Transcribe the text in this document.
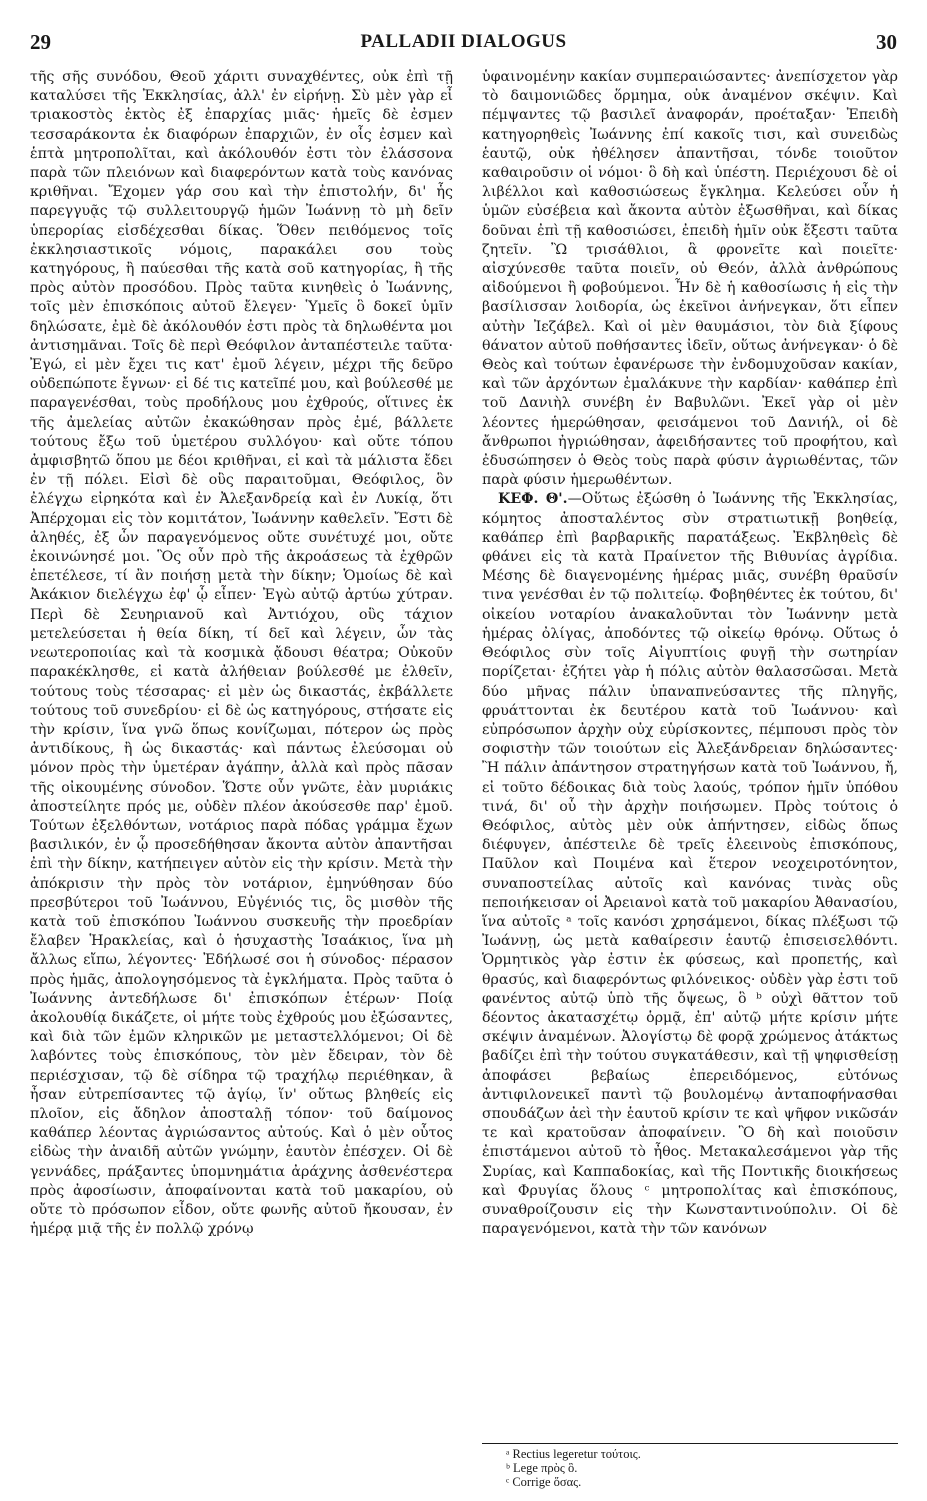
29	PALLADII DIALOGUS	30

τῆς σῆς συνόδου, Θεοῦ χάριτι συναχθέντες, οὐκ ἐπὶ τῇ καταλύσει τῆς Ἐκκλησίας, ἀλλ' ἐν εἰρήνῃ. Σὺ μὲν γὰρ εἶ τριακοστὸς ἐκτὸς ἐξ ἐπαρχίας μιᾶς· ἡμεῖς δὲ ἐσμεν τεσσαράκοντα ἐκ διαφόρων ἐπαρχιῶν, ἐν οἷς ἐσμεν καὶ ἑπτὰ μητροπολῖται, καὶ ἀκόλουθόν ἐστι τὸν ἐλάσσονα παρὰ τῶν πλειόνων καὶ διαφερόντων κατὰ τοὺς κανόνας κριθῆναι. Ἔχομεν γάρ σου καὶ τὴν ἐπιστολήν, δι' ἧς παρεγγυᾷς τῷ συλλειτουργῷ ἡμῶν Ἰωάννῃ τὸ μὴ δεῖν ὑπερορίας εἰσδέχεσθαι δίκας. Ὅθεν πειθόμενος τοῖς ἐκκλησιαστικοῖς νόμοις, παρακάλει σου τοὺς κατηγόρους, ἢ παύεσθαι τῆς κατὰ σοῦ κατηγορίας, ἢ τῆς πρὸς αὐτὸν προσόδου. Πρὸς ταῦτα κινηθεὶς ὁ Ἰωάννης, τοῖς μὲν ἐπισκόποις αὐτοῦ ἔλεγεν· Ὑμεῖς ὃ δοκεῖ ὑμῖν δηλώσατε, ἐμὲ δὲ ἀκόλουθόν ἐστι πρὸς τὰ δηλωθέντα μοι ἀντισημᾶναι. Τοῖς δὲ περὶ Θεόφιλον ἀνταπέστειλε ταῦτα· Ἐγώ, εἰ μὲν ἔχει τις κατ' ἐμοῦ λέγειν, μέχρι τῆς δεῦρο οὐδεπώποτε ἔγνων· εἰ δέ τις κατεῖπέ μου, καὶ βούλεσθέ με παραγενέσθαι, τοὺς προδήλους μου ἐχθρούς, οἵτινες ἐκ τῆς ἀμελείας αὐτῶν ἐκακώθησαν πρὸς ἐμέ, βάλλετε τούτους ἔξω τοῦ ὑμετέρου συλλόγου· καὶ οὔτε τόπου ἀμφισβητῶ ὅπου με δέοι κριθῆναι, εἰ καὶ τὰ μάλιστα ἔδει ἐν τῇ πόλει. Εἰσὶ δὲ οὓς παραιτοῦμαι, Θεόφιλος, ὃν ἐλέγχω εἰρηκότα καὶ ἐν Ἀλεξανδρείᾳ καὶ ἐν Λυκίᾳ, ὅτι Ἀπέρχομαι εἰς τὸν κομιτάτον, Ἰωάννην καθελεῖν. Ἔστι δὲ ἀληθές, ἐξ ὧν παραγενόμενος οὔτε συνέτυχέ μοι, οὔτε ἐκοινώνησέ μοι. Ὃς οὖν πρὸ τῆς ἀκροάσεως τὰ ἐχθρῶν ἐπετέλεσε, τί ἂν ποιήσῃ μετὰ τὴν δίκην; Ὁμοίως δὲ καὶ Ἀκάκιον διελέγχω ἐφ' ᾧ εἶπεν· Ἐγὼ αὐτῷ ἀρτύω χύτραν. Περὶ δὲ Σευηριανοῦ καὶ Ἀντιόχου, οὓς τάχιον μετελεύσεται ἡ θεία δίκη, τί δεῖ καὶ λέγειν, ὧν τὰς νεωτεροποιίας καὶ τὰ κοσμικὰ ᾄδουσι θέατρα; Οὐκοῦν παρακέκλησθε, εἰ κατὰ ἀλήθειαν βούλεσθέ με ἐλθεῖν, τούτους τοὺς τέσσαρας· εἰ μὲν ὡς δικαστάς, ἐκβάλλετε τούτους τοῦ συνεδρίου· εἰ δὲ ὡς κατηγόρους, στήσατε εἰς τὴν κρίσιν, ἵνα γνῶ ὅπως κονίζωμαι, πότερον ὡς πρὸς ἀντιδίκους, ἢ ὡς δικαστάς· καὶ πάντως ἐλεύσομαι οὐ μόνον πρὸς τὴν ὑμετέραν ἀγάπην, ἀλλὰ καὶ πρὸς πᾶσαν τῆς οἰκουμένης σύνοδον. Ὥστε οὖν γνῶτε, ἐὰν μυριάκις ἀποστείλητε πρός με, οὐδὲν πλέον ἀκούσεσθε παρ' ἐμοῦ. Τούτων ἐξελθόντων, νοτάριος παρὰ πόδας γράμμα ἔχων βασιλικόν, ἐν ᾧ προσεδήθησαν ἄκοντα αὐτὸν ἀπαντῆσαι ἐπὶ τὴν δίκην, κατήπειγεν αὐτὸν εἰς τὴν κρίσιν. Μετὰ τὴν ἀπόκρισιν τὴν πρὸς τὸν νοτάριον, ἐμηνύθησαν δύο πρεσβύτεροι τοῦ Ἰωάννου, Εὐγένιός τις, ὃς μισθὸν τῆς κατὰ τοῦ ἐπισκόπου Ἰωάννου συσκευῆς τὴν προεδρίαν ἔλαβεν Ἡρακλείας, καὶ ὁ ἡσυχαστὴς Ἰσαάκιος, ἵνα μὴ ἄλλως εἴπω, λέγοντες· Ἐδήλωσέ σοι ἡ σύνοδος· πέρασον πρὸς ἡμᾶς, ἀπολογησόμενος τὰ ἐγκλήματα. Πρὸς ταῦτα ὁ Ἰωάννης ἀντεδήλωσε δι' ἐπισκόπων ἑτέρων· Ποίᾳ ἀκολουθίᾳ δικάζετε, οἱ μήτε τοὺς ἐχθρούς μου ἐξώσαντες, καὶ διὰ τῶν ἐμῶν κληρικῶν με μεταστελλόμενοι; Οἱ δὲ λαβόντες τοὺς ἐπισκόπους, τὸν μὲν ἔδειραν, τὸν δὲ περιέσχισαν, τῷ δὲ σίδηρα τῷ τραχήλῳ περιέθηκαν, ἃ ἦσαν εὐτρεπίσαντες τῷ ἁγίῳ, ἵν' οὕτως βληθείς εἰς πλοῖον, εἰς ἄδηλον ἀποσταλῇ τόπον· τοῦ δαίμονος καθάπερ λέοντας ἀγριώσαντος αὐτούς. Καὶ ὁ μὲν οὗτος εἰδὼς τὴν ἀναιδῆ αὐτῶν γνώμην, ἑαυτὸν ἐπέσχεν. Οἱ δὲ γεννάδες, πράξαντες ὑπομνημάτια ἀράχνης ἀσθενέστερα πρὸς ἀφοσίωσιν, ἀποφαίνονται κατὰ τοῦ μακαρίου, οὐ οὔτε τὸ πρόσωπον εἶδον, οὔτε φωνῆς αὐτοῦ ἤκουσαν, ἐν ἡμέρᾳ μιᾷ τῆς ἐν πολλῷ χρόνῳ

ὑφαινομένην κακίαν συμπεραιώσαντες· ἀνεπίσχετον γὰρ τὸ δαιμονιῶδες ὅρμημα, οὐκ ἀναμένον σκέψιν. Καὶ πέμψαντες τῷ βασιλεῖ ἀναφοράν, προέταξαν· Ἐπειδὴ κατηγορηθεὶς Ἰωάννης ἐπί κακοῖς τισι, καὶ συνειδὼς ἑαυτῷ, οὐκ ἠθέλησεν ἀπαντῆσαι, τόνδε τοιοῦτον καθαιροῦσιν οἱ νόμοι· ὃ δὴ καὶ ὑπέστη. Περιέχουσι δὲ οἱ λιβέλλοι καὶ καθοσιώσεως ἔγκλημα. Κελεύσει οὖν ἡ ὑμῶν εὐσέβεια καὶ ἄκοντα αὐτὸν ἐξωσθῆναι, καὶ δίκας δοῦναι ἐπὶ τῇ καθοσιώσει, ἐπειδὴ ἡμῖν οὐκ ἔξεστι ταῦτα ζητεῖν. Ὢ τρισάθλιοι, ἃ φρονεῖτε καὶ ποιεῖτε· αἰσχύνεσθε ταῦτα ποιεῖν, οὐ Θεόν, ἀλλὰ ἀνθρώπους αἰδούμενοι ἢ φοβούμενοι. Ἦν δὲ ἡ καθοσίωσις ἡ εἰς τὴν βασίλισσαν λοιδορία, ὡς ἐκεῖνοι ἀνήνεγκαν, ὅτι εἶπεν αὐτὴν Ἰεζάβελ. Καὶ οἱ μὲν θαυμάσιοι, τὸν διὰ ξίφους θάνατον αὐτοῦ ποθήσαντες ἰδεῖν, οὕτως ἀνήνεγκαν· ὁ δὲ Θεὸς καὶ τούτων ἐφανέρωσε τὴν ἐνδομυχοῦσαν κακίαν, καὶ τῶν ἀρχόντων ἐμαλάκυνε τὴν καρδίαν· καθάπερ ἐπὶ τοῦ Δανιὴλ συνέβη ἐν Βαβυλῶνι. Ἐκεῖ γὰρ οἱ μὲν λέοντες ἡμερώθησαν, φεισάμενοι τοῦ Δανιήλ, οἱ δὲ ἄνθρωποι ἠγριώθησαν, ἀφειδήσαντες τοῦ προφήτου, καὶ ἐδυσώπησεν ὁ Θεὸς τοὺς παρὰ φύσιν ἀγριωθέντας, τῶν παρὰ φύσιν ἡμερωθέντων.

ΚΕΦ. Θ'.—Οὕτως ἐξώσθη ὁ Ἰωάννης τῆς Ἐκκλησίας, κόμητος ἀποσταλέντος σὺν στρατιωτικῇ βοηθείᾳ, καθάπερ ἐπὶ βαρβαρικῆς παρατάξεως. Ἐκβληθεὶς δὲ φθάνει εἰς τὰ κατὰ Πραίνετον τῆς Βιθυνίας ἀγρίδια. Μέσης δὲ διαγενομένης ἡμέρας μιᾶς, συνέβη θραῦσίν τινα γενέσθαι ἐν τῷ πολιτείῳ. Φοβηθέντες ἐκ τούτου, δι' οἰκείου νοταρίου ἀνακαλοῦνται τὸν Ἰωάννην μετὰ ἡμέρας ὀλίγας, ἀποδόντες τῷ οἰκείῳ θρόνῳ. Οὕτως ὁ Θεόφιλος σὺν τοῖς Αἰγυπτίοις φυγῇ τὴν σωτηρίαν πορίζεται· ἐζήτει γὰρ ἡ πόλις αὐτὸν θαλασσῶσαι. Μετὰ δύο μῆνας πάλιν ὑπαναπνεύσαντες τῆς πληγῆς, φρυάττονται ἐκ δευτέρου κατὰ τοῦ Ἰωάννου· καὶ εὐπρόσωπον ἀρχὴν οὐχ εὑρίσκοντες, πέμπουσι πρὸς τὸν σοφιστὴν τῶν τοιούτων εἰς Ἀλεξάνδρειαν δηλώσαντες· Ἢ πάλιν ἀπάντησον στρατηγήσων κατὰ τοῦ Ἰωάννου, ἤ, εἰ τοῦτο δέδοικας διὰ τοὺς λαούς, τρόπον ἡμῖν ὑπόθου τινά, δι' οὗ τὴν ἀρχὴν ποιήσωμεν. Πρὸς τούτοις ὁ Θεόφιλος, αὐτὸς μὲν οὐκ ἀπήντησεν, εἰδὼς ὅπως διέφυγεν, ἀπέστειλε δὲ τρεῖς ἐλεεινοὺς ἐπισκόπους, Παῦλον καὶ Ποιμένα καὶ ἕτερον νεοχειροτόνητον, συναποστείλας αὐτοῖς καὶ κανόνας τινὰς οὓς πεποιήκεισαν οἱ Ἀρειανοὶ κατὰ τοῦ μακαρίου Ἀθανασίου, ἵνα αὐτοῖς ᵃ τοῖς κανόσι χρησάμενοι, δίκας πλέξωσι τῷ Ἰωάννῃ, ὡς μετὰ καθαίρεσιν ἑαυτῷ ἐπισεισελθόντι. Ὁρμητικὸς γὰρ ἐστιν ἐκ φύσεως, καὶ προπετής, καὶ θρασύς, καὶ διαφερόντως φιλόνεικος· οὐδὲν γὰρ ἐστι τοῦ φανέντος αὐτῷ ὑπὸ τῆς ὄψεως, ὃ ᵇ οὐχὶ θᾶττον τοῦ δέοντος ἀκατασχέτῳ ὁρμᾷ, ἐπ' αὐτῷ μήτε κρίσιν μήτε σκέψιν ἀναμένων. Ἀλογίστῳ δὲ φορᾷ χρώμενος ἀτάκτως βαδίζει ἐπὶ τὴν τούτου συγκατάθεσιν, καὶ τῇ ψηφισθείσῃ ἀποφάσει βεβαίως ἐπερειδόμενος, εὐτόνως ἀντιφιλονεικεῖ παντὶ τῷ βουλομένῳ ἀνταποφήνασθαι σπουδάζων ἀεὶ τὴν ἑαυτοῦ κρίσιν τε καὶ ψῆφον νικῶσάν τε καὶ κρατοῦσαν ἀποφαίνειν. Ὃ δὴ καὶ ποιοῦσιν ἐπιστάμενοι αὐτοῦ τὸ ἦθος. Μετακαλεσάμενοι γὰρ τῆς Συρίας, καὶ Καππαδοκίας, καὶ τῆς Ποντικῆς διοικήσεως καὶ Φρυγίας ὅλους ᶜ μητροπολίτας καὶ ἐπισκόπους, συναθροίζουσιν εἰς τὴν Κωνσταντινούπολιν. Οἱ δὲ παραγενόμενοι, κατὰ τὴν τῶν κανόνων

ᵃ Rectius legeretur τούτοις.

ᵇ Lege πρὸς ὃ.

ᶜ Corrige ὅσας.
